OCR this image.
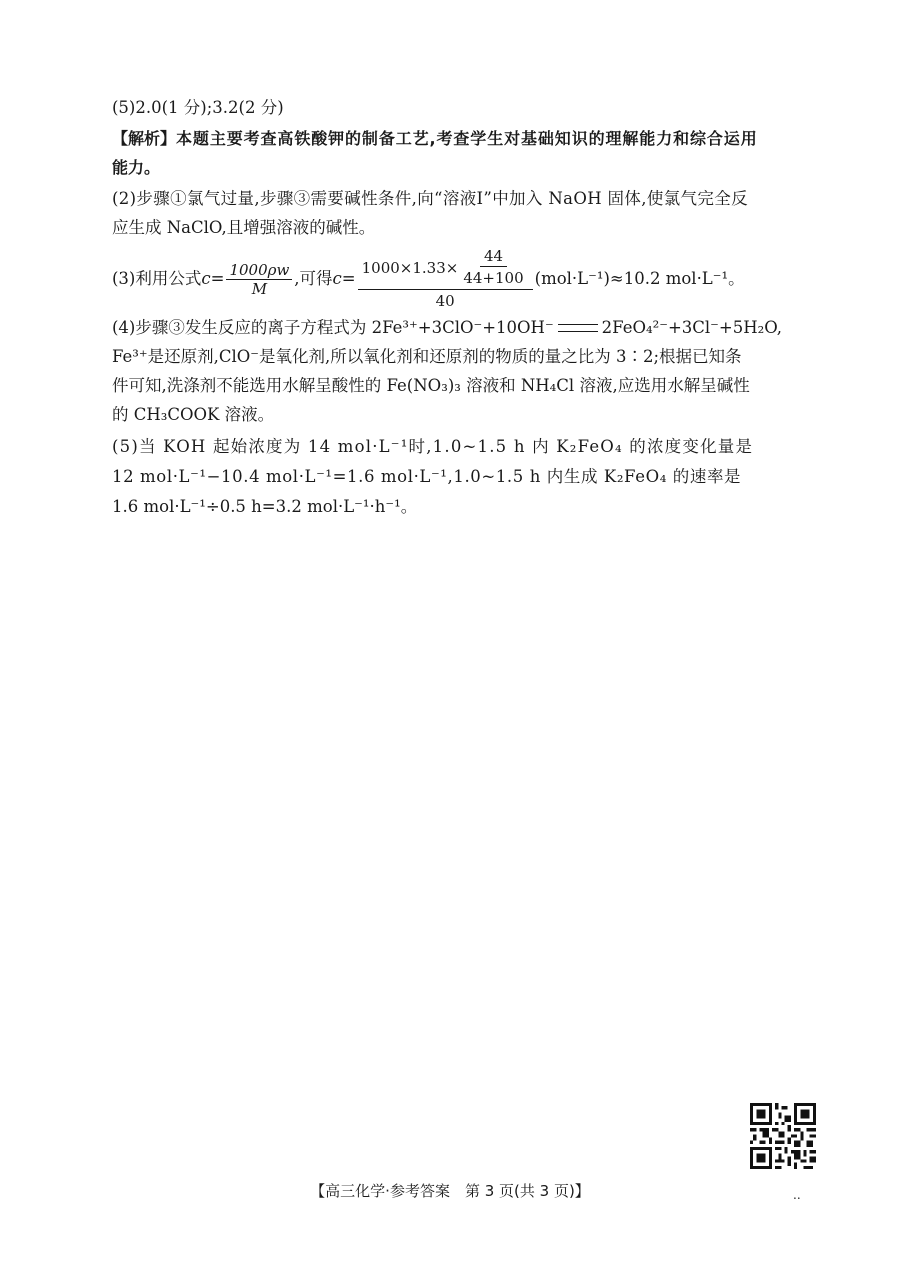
(5)2.0(1 分);3.2(2 分)
【解析】 本题主要考查高铁酸钾的制备工艺,考查学生对基础知识的理解能力和综合运用
能力。
(2)步骤①氯气过量,步骤③需要碱性条件,向“溶液Ⅰ”中加入 NaOH 固体,使氯气完全反
应生成 NaClO,且增强溶液的碱性。
(3)利用公式 $c = \frac{1000\rho w}{M}$ ,可得 $c = \frac{1000\times 1.33\times \frac{44}{44+100}}{40} (mol\cdot L^{-1})\approx 10.2$ mol·L⁻¹。
(4)步骤③发生反应的离子方程式为 2Fe³⁺+3ClO⁻+10OH⁻	2FeO₄²⁻+3Cl⁻+5H₂O,
Fe³⁺是还原剂,ClO⁻是氧化剂,所以氧化剂和还原剂的物质的量之比为 3∶2;根据已知条
件可知,洗涤剂不能选用水解呈酸性的 Fe(NO₃)₃ 溶液和 NH₄Cl 溶液,应选用水解呈碱性
的 CH₃COOK 溶液。
(5)当 KOH 起始浓度为 14 mol·L⁻¹时,1.0~1.5 h 内 K₂FeO₄ 的浓度变化量是
12 mol·L⁻¹−10.4 mol·L⁻¹=1.6 mol·L⁻¹,1.0~1.5 h 内生成 K₂FeO₄ 的速率是
1.6 mol·L⁻¹÷0.5 h=3.2 mol·L⁻¹·h⁻¹。
【高三化学·参考答案　第 3 页(共 3 页)】	..
